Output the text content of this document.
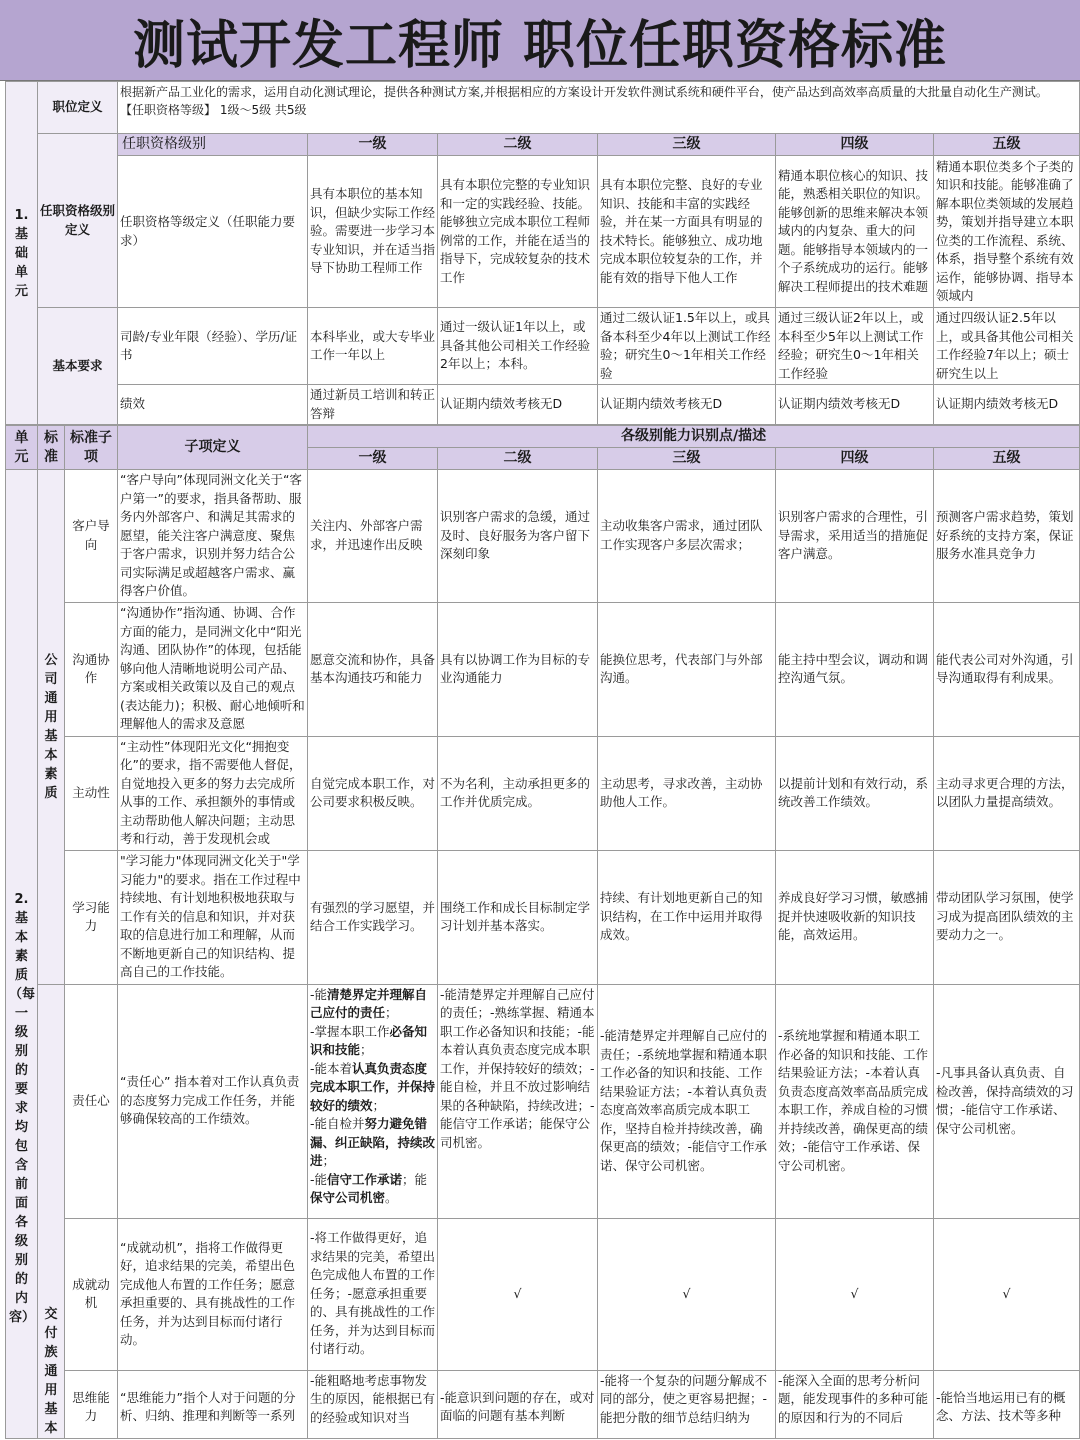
测试开发工程师 职位任职资格标准
1.基础单元	职位定义	根据新产品工业化的需求，运用自动化测试理论，提供各种测试方案,并根据相应的方案设计开发软件测试系统和硬件平台，使产品达到高效率高质量的大批量自动化生产测试。
【任职资格等级】 1级～5级 共5级					

	任职资格级别定义	任职资格级别	一级	二级	三级	四级	五级
		任职资格等级定义（任职能力要求）	具有本职位的基本知识，但缺少实际工作经验。需要进一步学习本专业知识，并在适当指导下协助工程师工作	具有本职位完整的专业知识和一定的实践经验、技能。能够独立完成本职位工程师例常的工作，并能在适当的指导下，完成较复杂的技术工作	具有本职位完整、良好的专业知识、技能和丰富的实践经验，并在某一方面具有明显的技术特长。能够独立、成功地完成本职位较复杂的工作，并能有效的指导下他人工作	精通本职位核心的知识、技能，熟悉相关职位的知识。能够创新的思维来解决本领域内的内复杂、重大的问题。能够指导本领域内的一个子系统成功的运行。能够解决工程师提出的技术难题	精通本职位类多个子类的知识和技能。能够准确了解本职位类领域的发展趋势，策划并指导建立本职位类的工作流程、系统、体系，指导整个系统有效运作，能够协调、指导本领域内
	基本要求	司龄/专业年限（经验）、学历/证书	本科毕业，或大专毕业工作一年以上	通过一级认证1年以上，或具备其他公司相关工作经验2年以上；本科。	通过二级认证1.5年以上，或具备本科至少4年以上测试工作经验；研究生0～1年相关工作经验	通过三级认证2年以上，或本科至少5年以上测试工作经验；研究生0～1年相关工作经验	通过四级认证2.5年以上，或具备其他公司相关工作经验7年以上；硕士研究生以上
		绩效	通过新员工培训和转正答辩	认证期内绩效考核无D	认证期内绩效考核无D	认证期内绩效考核无D	认证期内绩效考核无D
单元	标准	标准子项	子项定义	各级别能力识别点/描述				
				一级	二级	三级	四级	五级
2.基本素质（每一级别的要求均包含前面各级别的内容）	公司通用基本素质	客户导向	“客户导向”体现同洲文化关于“客户第一”的要求，指具备帮助、服务内外部客户、和满足其需求的愿望，能关注客户满意度、聚焦于客户需求，识别并努力结合公司实际满足或超越客户需求、赢得客户价值。	关注内、外部客户需求，并迅速作出反映	识别客户需求的急缓，通过及时、良好服务为客户留下深刻印象	主动收集客户需求，通过团队工作实现客户多层次需求；	识别客户需求的合理性，引导需求，采用适当的措施促客户满意。	预测客户需求趋势，策划好系统的支持方案，保证服务水准具竞争力
		沟通协作	“沟通协作”指沟通、协调、合作方面的能力，是同洲文化中“阳光沟通、团队协作”的体现，包括能够向他人清晰地说明公司产品、方案或相关政策以及自己的观点(表达能力)；积极、耐心地倾听和理解他人的需求及意愿	愿意交流和协作，具备基本沟通技巧和能力	具有以协调工作为目标的专业沟通能力	能换位思考，代表部门与外部沟通。	能主持中型会议，调动和调控沟通气氛。	能代表公司对外沟通，引导沟通取得有利成果。
		主动性	“主动性”体现阳光文化“拥抱变化”的要求，指不需要他人督促，自觉地投入更多的努力去完成所从事的工作、承担额外的事情或主动帮助他人解决问题；主动思考和行动，善于发现机会或	自觉完成本职工作，对公司要求积极反映。	不为名利，主动承担更多的工作并优质完成。	主动思考，寻求改善，主动协助他人工作。	以提前计划和有效行动，系统改善工作绩效。	主动寻求更合理的方法，以团队力量提高绩效。
		学习能力	"学习能力"体现同洲文化关于"学习能力"的要求。指在工作过程中持续地、有计划地积极地获取与工作有关的信息和知识，并对获取的信息进行加工和理解，从而不断地更新自己的知识结构、提高自己的工作技能。	有强烈的学习愿望，并结合工作实践学习。	围绕工作和成长目标制定学习计划并基本落实。	持续、有计划地更新自己的知识结构，在工作中运用并取得成效。	养成良好学习习惯，敏感捕捉并快速吸收新的知识技能，高效运用。	带动团队学习氛围，使学习成为提高团队绩效的主要动力之一。
	交付族通用基本	责任心	“责任心” 指本着对工作认真负责的态度努力完成工作任务，并能够确保较高的工作绩效。	-能清楚界定并理解自己应付的责任；
-掌握本职工作必备知识和技能；
-能本着认真负责态度完成本职工作，并保持较好的绩效；
-能自检并努力避免错漏、纠正缺陷，持续改进；
-能信守工作承诺；能保守公司机密。	-能清楚界定并理解自己应付的责任；-熟练掌握、精通本职工作必备知识和技能；-能本着认真负责态度完成本职工作，并保持较好的绩效；-能自检，并且不放过影响结果的各种缺陷，持续改进；-能信守工作承诺；能保守公司机密。	-能清楚界定并理解自己应付的责任；-系统地掌握和精通本职工作必备的知识和技能、工作结果验证方法；-本着认真负责态度高效率高质完成本职工作，坚持自检并持续改善，确保更高的绩效；-能信守工作承诺、保守公司机密。	-系统地掌握和精通本职工作必备的知识和技能、工作结果验证方法；-本着认真负责态度高效率高品质完成本职工作，养成自检的习惯并持续改善，确保更高的绩效；-能信守工作承诺、保守公司机密。	-凡事具备认真负责、自检改善，保持高绩效的习惯；-能信守工作承诺、保守公司机密。
		成就动机	“成就动机”，指将工作做得更好，追求结果的完美，希望出色完成他人布置的工作任务；愿意承担重要的、具有挑战性的工作任务，并为达到目标而付诸行动。	-将工作做得更好，追求结果的完美，希望出色完成他人布置的工作任务；-愿意承担重要的、具有挑战性的工作任务，并为达到目标而付诸行动。	√	√	√	√
		思维能力	“思维能力”指个人对于问题的分析、归纳、推理和判断等一系列	-能粗略地考虑事物发生的原因，能根据已有的经验或知识对当	-能意识到问题的存在，或对面临的问题有基本判断	-能将一个复杂的问题分解成不同的部分，使之更容易把握；-能把分散的细节总结归纳为	-能深入全面的思考分析问题，能发现事件的多种可能的原因和行为的不同后	-能恰当地运用已有的概念、方法、技术等多种
